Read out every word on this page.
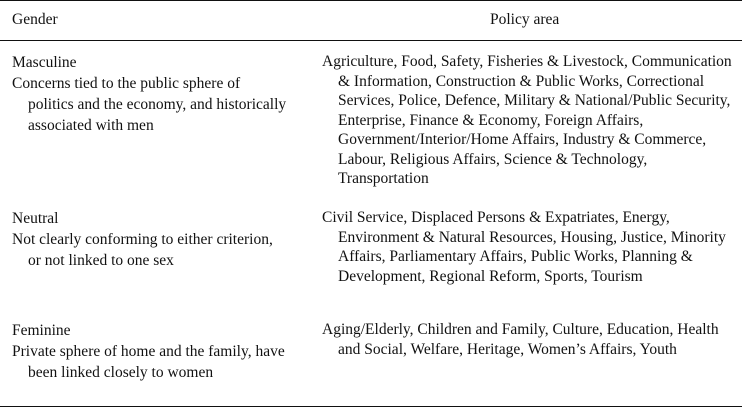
Gender	Policy area
Masculine
Concerns tied to the public sphere of politics and the economy, and historically associated with men
Agriculture, Food, Safety, Fisheries & Livestock, Communication & Information, Construction & Public Works, Correctional Services, Police, Defence, Military & National/Public Security, Enterprise, Finance & Economy, Foreign Affairs, Government/Interior/Home Affairs, Industry & Commerce, Labour, Religious Affairs, Science & Technology, Transportation
Neutral
Not clearly conforming to either criterion, or not linked to one sex
Civil Service, Displaced Persons & Expatriates, Energy, Environment & Natural Resources, Housing, Justice, Minority Affairs, Parliamentary Affairs, Public Works, Planning & Development, Regional Reform, Sports, Tourism
Feminine
Private sphere of home and the family, have been linked closely to women
Aging/Elderly, Children and Family, Culture, Education, Health and Social, Welfare, Heritage, Women’s Affairs, Youth
